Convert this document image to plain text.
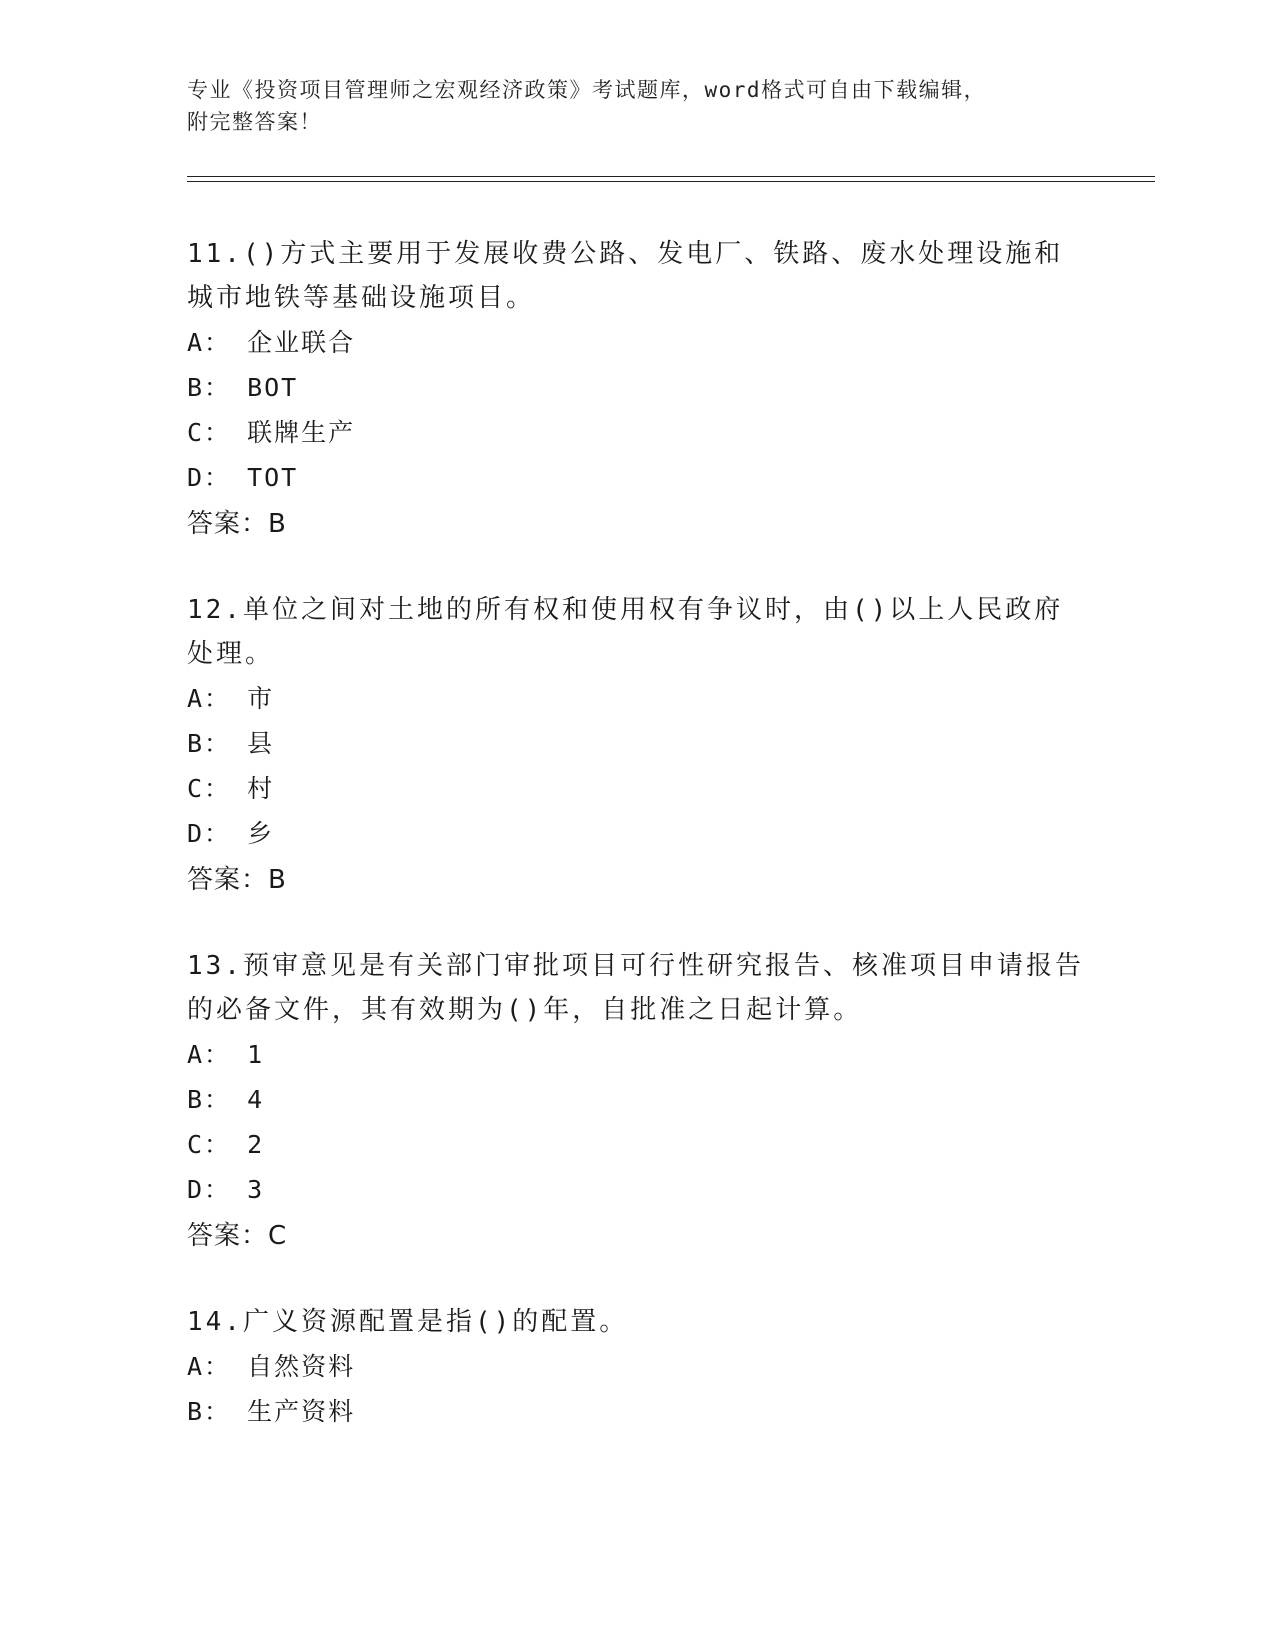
专业《投资项目管理师之宏观经济政策》考试题库，word格式可自由下载编辑，
附完整答案！

11.()方式主要用于发展收费公路、发电厂、铁路、废水处理设施和城市地铁等基础设施项目。

A： 企业联合

B： BOT

C： 联牌生产

D： TOT

答案：B

12.单位之间对土地的所有权和使用权有争议时，由()以上人民政府处理。

A： 市

B： 县

C： 村

D： 乡

答案：B

13.预审意见是有关部门审批项目可行性研究报告、核准项目申请报告的必备文件，其有效期为()年，自批准之日起计算。

A： 1

B： 4

C： 2

D： 3

答案：C

14.广义资源配置是指()的配置。

A： 自然资料

B： 生产资料
